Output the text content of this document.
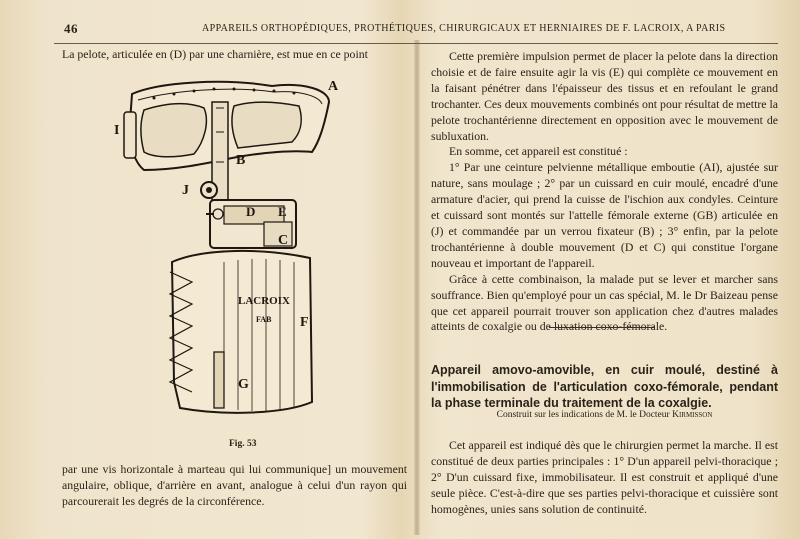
46	APPAREILS ORTHOPÉDIQUES, PROTHÉTIQUES, CHIRURGICAUX ET HERNIAIRES DE F. LACROIX, A PARIS

La pelote, articulée en (D) par une charnière, est mue en ce point

LACROIX
FAB
A
B
C
D E
F
G
I
J
Fig. 53

par une vis horizontale à marteau qui lui communique] un mouvement angulaire, oblique, d'arrière en avant, analogue à celui d'un rayon qui parcourerait les degrés de la circonférence.

Cette première impulsion permet de placer la pelote dans la direction choisie et de faire ensuite agir la vis (E) qui complète ce mouvement en la faisant pénétrer dans l'épaisseur des tissus et en refoulant le grand trochanter. Ces deux mouvements combinés ont pour résultat de mettre la pelote trochantérienne directement en opposition avec le mouvement de subluxation.

En somme, cet appareil est constitué :

1° Par une ceinture pelvienne métallique emboutie (AI), ajustée sur nature, sans moulage ; 2° par un cuissard en cuir moulé, encadré d'une armature d'acier, qui prend la cuisse de l'ischion aux condyles. Ceinture et cuissard sont montés sur l'attelle fémorale externe (GB) articulée en (J) et commandée par un verrou fixateur (B) ; 3° enfin, par la pelote trochantérienne à double mouvement (D et C) qui constitue l'organe nouveau et important de l'appareil.

Grâce à cette combinaison, la malade put se lever et marcher sans souffrance. Bien qu'employé pour un cas spécial, M. le Dr Baizeau pense que cet appareil pourrait trouver son application chez d'autres malades atteints de coxalgie ou de luxation coxo-fémorale.

Appareil amovo-amovible, en cuir moulé, destiné à l'immobilisation de l'articulation coxo-fémorale, pendant la phase terminale du traitement de la coxalgie.
Construit sur les indications de M. le Docteur Kirmisson

Cet appareil est indiqué dès que le chirurgien permet la marche. Il est constitué de deux parties principales : 1° D'un appareil pelvi-thoracique ; 2° D'un cuissard fixe, immobilisateur. Il est construit et appliqué d'une seule pièce. C'est-à-dire que ses parties pelvi-thoracique et cuissière sont homogènes, unies sans solution de continuité.
